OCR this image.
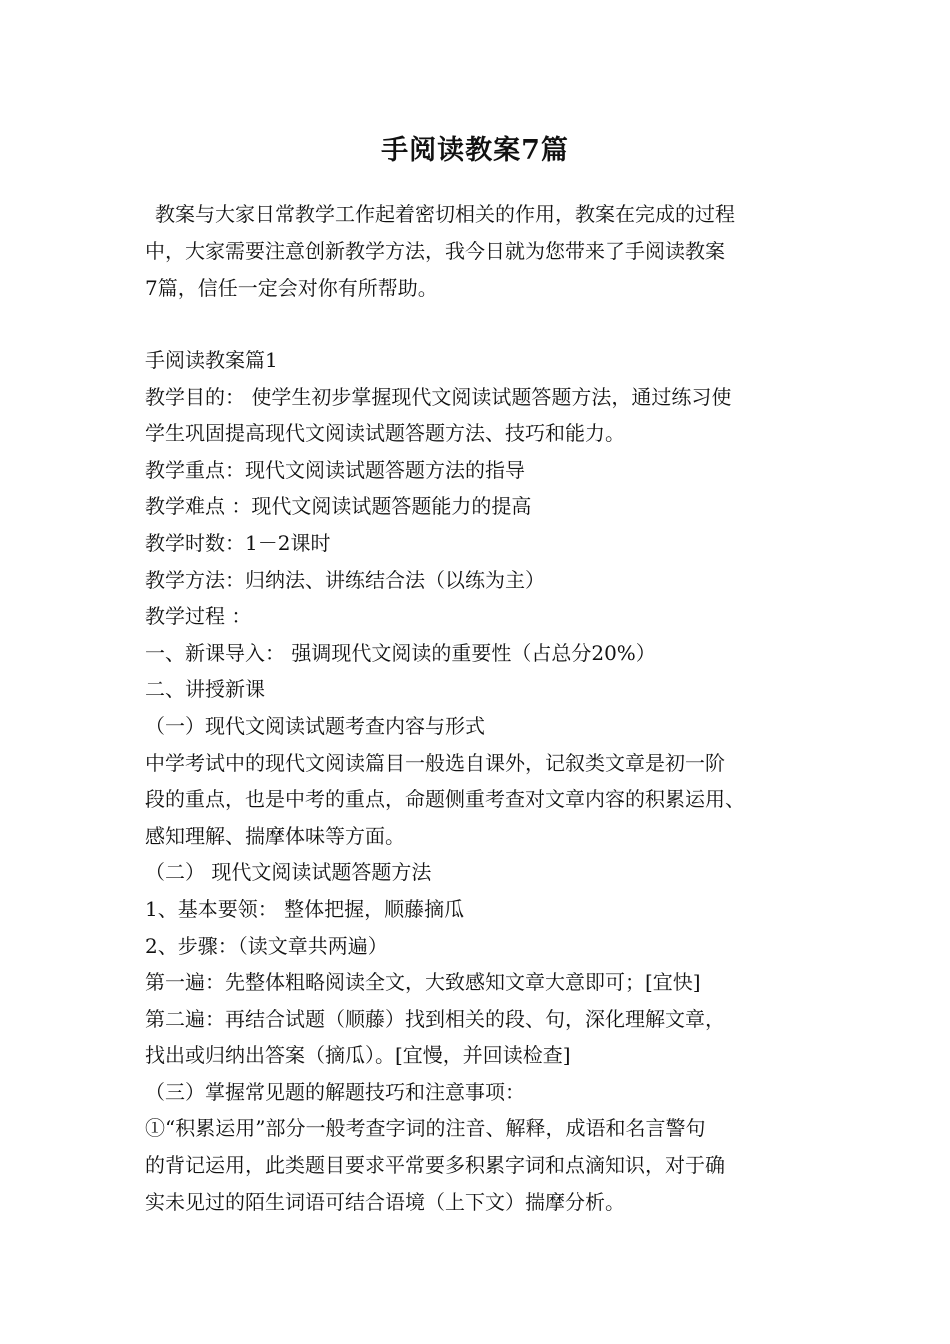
手阅读教案7篇
教案与大家日常教学工作起着密切相关的作用，教案在完成的过程
中，大家需要注意创新教学方法，我今日就为您带来了手阅读教案
7篇，信任一定会对你有所帮助。
手阅读教案篇1
教学目的： 使学生初步掌握现代文阅读试题答题方法，通过练习使
学生巩固提高现代文阅读试题答题方法、技巧和能力。
教学重点：现代文阅读试题答题方法的指导
教学难点 ：现代文阅读试题答题能力的提高
教学时数：1－2课时
教学方法：归纳法、讲练结合法（以练为主）
教学过程 ：
一、新课导入： 强调现代文阅读的重要性（占总分20%）
二、讲授新课
（一）现代文阅读试题考查内容与形式
中学考试中的现代文阅读篇目一般选自课外，记叙类文章是初一阶
段的重点，也是中考的重点，命题侧重考查对文章内容的积累运用、
感知理解、揣摩体味等方面。
（二） 现代文阅读试题答题方法
1、基本要领： 整体把握，顺藤摘瓜
2、步骤：（读文章共两遍）
第一遍：先整体粗略阅读全文，大致感知文章大意即可；[宜快]
第二遍：再结合试题（顺藤）找到相关的段、句，深化理解文章，
找出或归纳出答案（摘瓜）。[宜慢，并回读检查]
（三）掌握常见题的解题技巧和注意事项：
①“积累运用”部分一般考查字词的注音、解释，成语和名言警句
的背记运用，此类题目要求平常要多积累字词和点滴知识，对于确
实未见过的陌生词语可结合语境（上下文）揣摩分析。
